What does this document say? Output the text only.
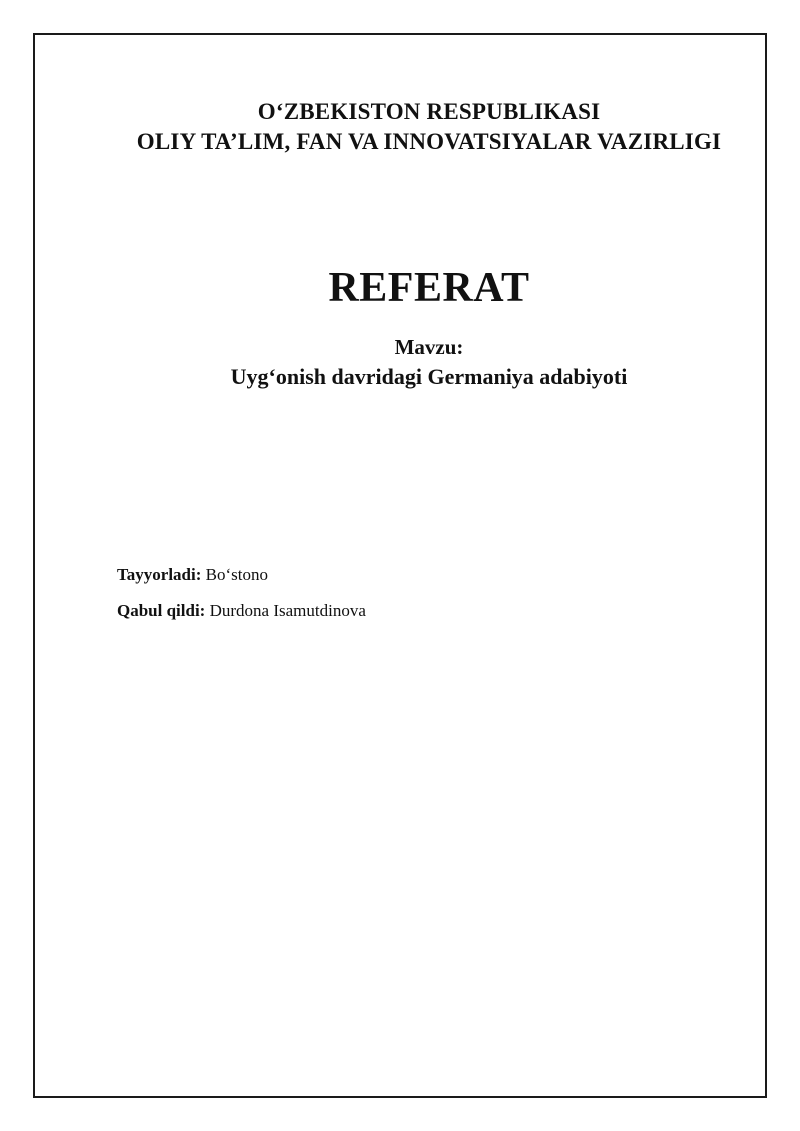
O‘ZBEKISTON RESPUBLIKASI
OLIY TA’LIM, FAN VA INNOVATSIYALAR VAZIRLIGI
REFERAT
Mavzu:
Uyg‘onish davridagi Germaniya adabiyoti

Tayyorladi: Bo‘stono

Qabul qildi: Durdona Isamutdinova
